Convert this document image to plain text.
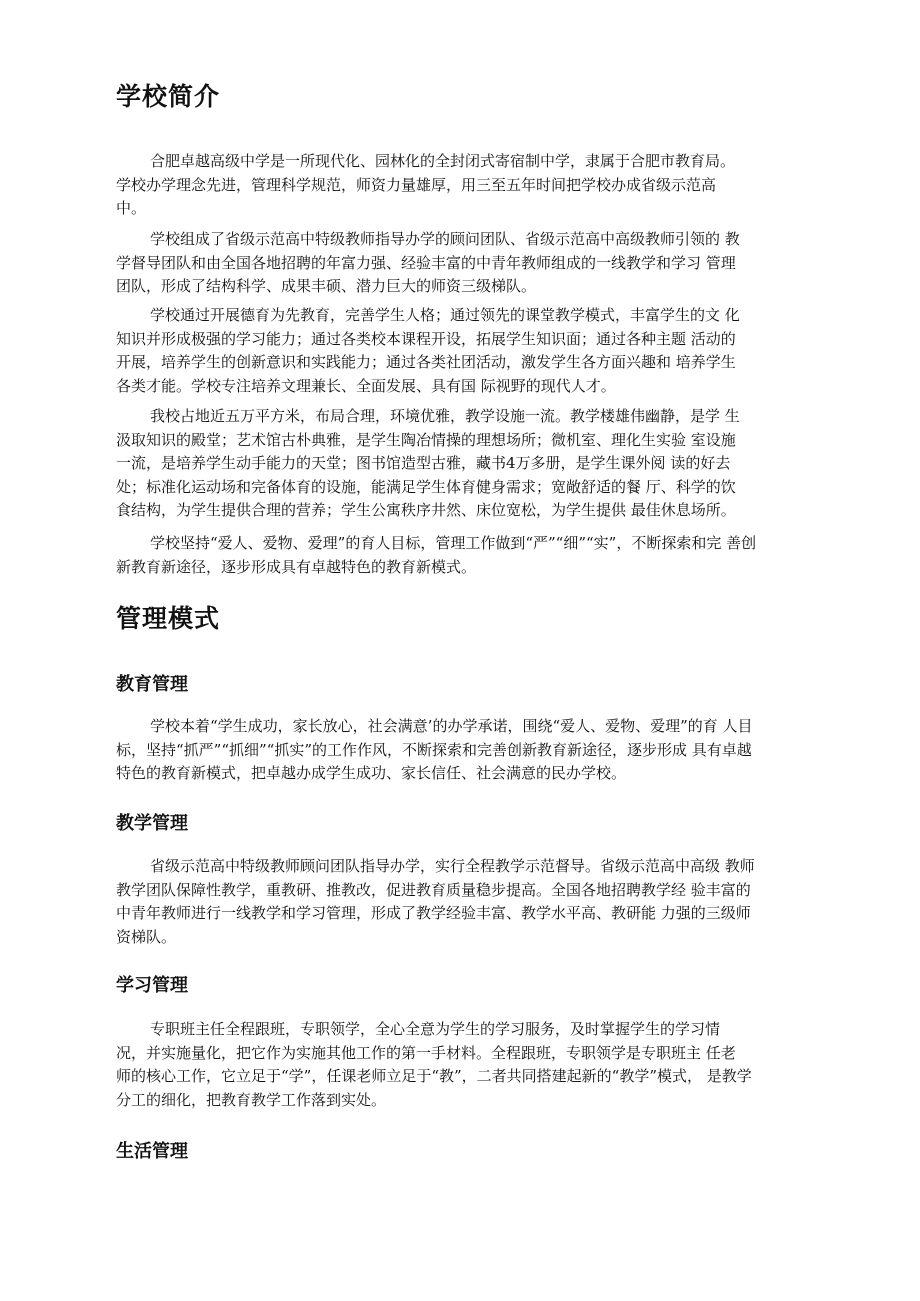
学校简介
合肥卓越高级中学是一所现代化、园林化的全封闭式寄宿制中学，隶属于合肥市教育局。
学校办学理念先进，管理科学规范，师资力量雄厚，用三至五年时间把学校办成省级示范高
中。
学校组成了省级示范高中特级教师指导办学的顾问团队、省级示范高中高级教师引领的 教
学督导团队和由全国各地招聘的年富力强、经验丰富的中青年教师组成的一线教学和学习 管理
团队，形成了结构科学、成果丰硕、潜力巨大的师资三级梯队。
学校通过开展德育为先教育，完善学生人格；通过领先的课堂教学模式，丰富学生的文 化
知识并形成极强的学习能力；通过各类校本课程开设，拓展学生知识面；通过各种主题 活动的
开展，培养学生的创新意识和实践能力；通过各类社团活动，激发学生各方面兴趣和 培养学生
各类才能。学校专注培养文理兼长、全面发展、具有国 际视野的现代人才。
我校占地近五万平方米，布局合理，环境优雅，教学设施一流。教学楼雄伟幽静，是学 生
汲取知识的殿堂；艺术馆古朴典雅，是学生陶冶情操的理想场所；微机室、理化生实验 室设施
一流，是培养学生动手能力的天堂；图书馆造型古雅，藏书4万多册，是学生课外阅 读的好去
处；标准化运动场和完备体育的设施，能满足学生体育健身需求；宽敞舒适的餐 厅、科学的饮
食结构，为学生提供合理的营养；学生公寓秩序井然、床位宽松，为学生提供 最佳休息场所。
学校坚持“爱人、爱物、爱理”的育人目标，管理工作做到“严”“细”“实”，不断探索和完 善创
新教育新途径，逐步形成具有卓越特色的教育新模式。
管理模式
教育管理
学校本着“学生成功，家长放心，社会满意’的办学承诺，围绕“爱人、爱物、爱理”的育 人目
标，坚持“抓严”“抓细”“抓实”的工作作风，不断探索和完善创新教育新途径，逐步形成 具有卓越
特色的教育新模式，把卓越办成学生成功、家长信任、社会满意的民办学校。
教学管理
省级示范高中特级教师顾问团队指导办学，实行全程教学示范督导。省级示范高中高级 教师
教学团队保障性教学，重教研、推教改，促进教育质量稳步提高。全国各地招聘教学经 验丰富的
中青年教师进行一线教学和学习管理，形成了教学经验丰富、教学水平高、教研能 力强的三级师
资梯队。
学习管理
专职班主任全程跟班，专职领学，全心全意为学生的学习服务，及时掌握学生的学习情
况，并实施量化，把它作为实施其他工作的第一手材料。全程跟班，专职领学是专职班主 任老
师的核心工作，它立足于“学”，任课老师立足于“教”，二者共同搭建起新的“教学”模式， 是教学
分工的细化，把教育教学工作落到实处。
生活管理
